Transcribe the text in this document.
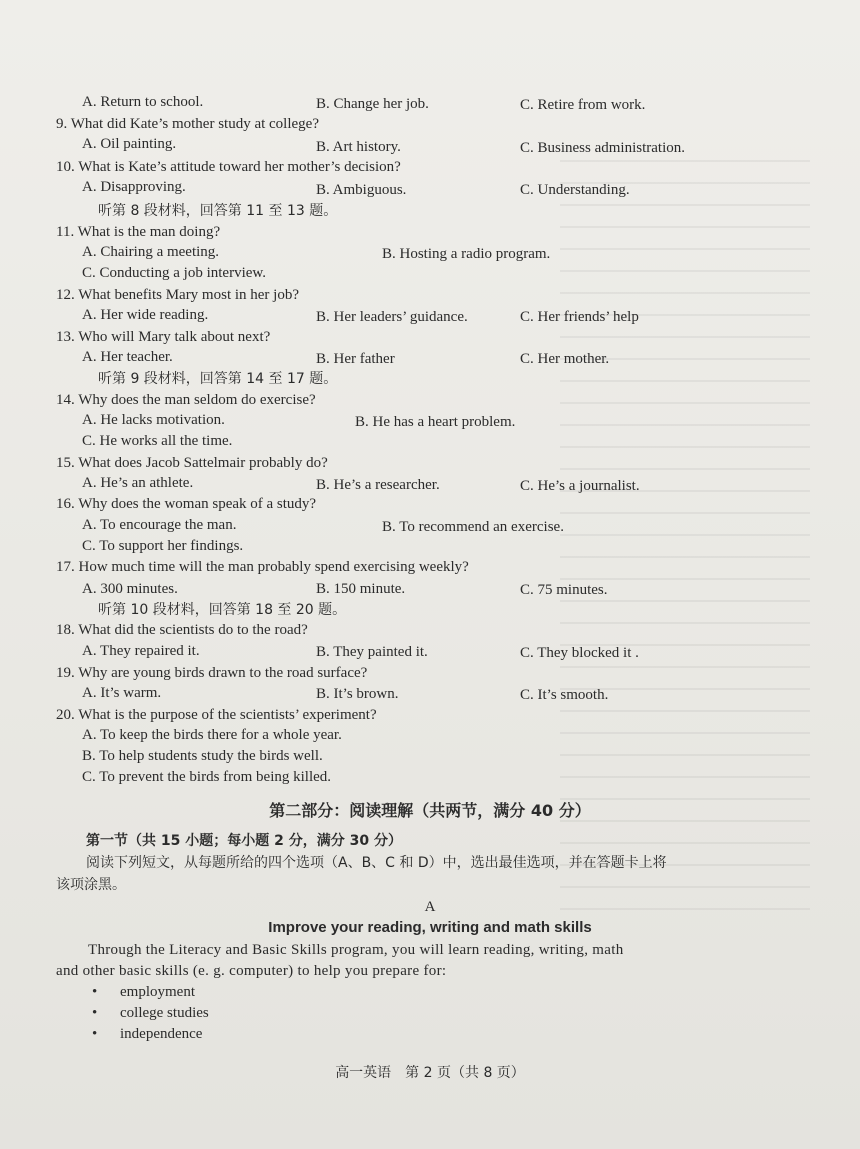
A. Return to school.	B. Change her job.	C. Retire from work.
9. What did Kate’s mother study at college?
A. Oil painting.	B. Art history.	C. Business administration.
10. What is Kate’s attitude toward her mother’s decision?
A. Disapproving.	B. Ambiguous.	C. Understanding.
听第 8 段材料，回答第 11 至 13 题。
11. What is the man doing?
A. Chairing a meeting.	B. Hosting a radio program.
C. Conducting a job interview.
12. What benefits Mary most in her job?
A. Her wide reading.	B. Her leaders’ guidance.	C. Her friends’ help
13. Who will Mary talk about next?
A. Her teacher.	B. Her father	C. Her mother.
听第 9 段材料，回答第 14 至 17 题。
14. Why does the man seldom do exercise?
A. He lacks motivation.	B. He has a heart problem.
C. He works all the time.
15. What does Jacob Sattelmair probably do?
A. He’s an athlete.	B. He’s a researcher.	C. He’s a journalist.
16. Why does the woman speak of a study?
A. To encourage the man.	B. To recommend an exercise.
C. To support her findings.
17. How much time will the man probably spend exercising weekly?
A. 300 minutes.	B. 150 minute.	C. 75 minutes.
听第 10 段材料，回答第 18 至 20 题。
18. What did the scientists do to the road?
A. They repaired it.	B. They painted it.	C. They blocked it .
19. Why are young birds drawn to the road surface?
A. It’s warm.	B. It’s brown.	C. It’s smooth.
20. What is the purpose of the scientists’ experiment?
A. To keep the birds there for a whole year.
B. To help students study the birds well.
C. To prevent the birds from being killed.
第二部分：阅读理解（共两节，满分 40 分）
第一节（共 15 小题；每小题 2 分，满分 30 分）
阅读下列短文，从每题所给的四个选项（A、B、C 和 D）中，选出最佳选项，并在答题卡上将
该项涂黑。
A
Improve your reading, writing and math skills
Through the Literacy and Basic Skills program, you will learn reading, writing, math
and other basic skills (e. g. computer) to help you prepare for:
• employment
• college studies
• independence
高一英语　第 2 页（共 8 页）
